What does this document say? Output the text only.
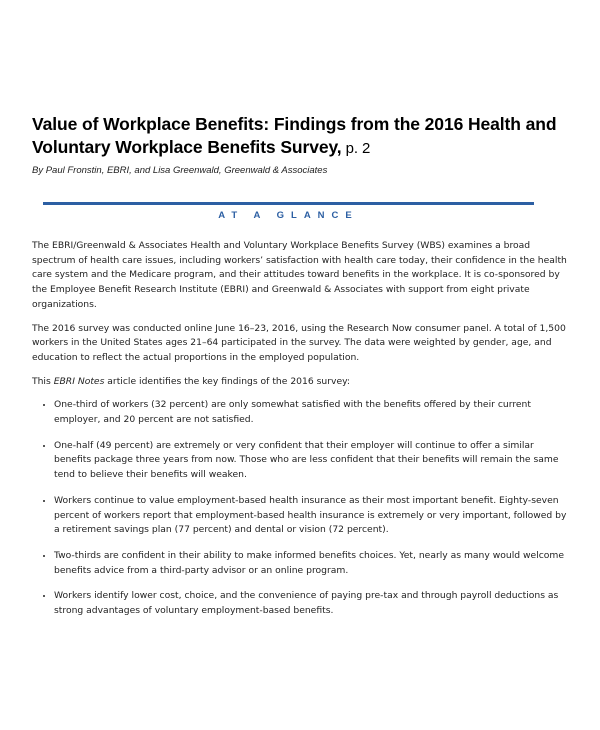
Value of Workplace Benefits: Findings from the 2016 Health and Voluntary Workplace Benefits Survey, p. 2
By Paul Fronstin, EBRI, and Lisa Greenwald, Greenwald & Associates
AT A GLANCE

The EBRI/Greenwald & Associates Health and Voluntary Workplace Benefits Survey (WBS) examines a broad spectrum of health care issues, including workers’ satisfaction with health care today, their confidence in the health care system and the Medicare program, and their attitudes toward benefits in the workplace. It is co-sponsored by the Employee Benefit Research Institute (EBRI) and Greenwald & Associates with support from eight private organizations.

The 2016 survey was conducted online June 16–23, 2016, using the Research Now consumer panel. A total of 1,500 workers in the United States ages 21–64 participated in the survey. The data were weighted by gender, age, and education to reflect the actual proportions in the employed population.

This EBRI Notes article identifies the key findings of the 2016 survey:

• One-third of workers (32 percent) are only somewhat satisfied with the benefits offered by their current employer, and 20 percent are not satisfied.
• One-half (49 percent) are extremely or very confident that their employer will continue to offer a similar benefits package three years from now. Those who are less confident that their benefits will remain the same tend to believe their benefits will weaken.
• Workers continue to value employment-based health insurance as their most important benefit. Eighty-seven percent of workers report that employment-based health insurance is extremely or very important, followed by a retirement savings plan (77 percent) and dental or vision (72 percent).
• Two-thirds are confident in their ability to make informed benefits choices. Yet, nearly as many would welcome benefits advice from a third-party advisor or an online program.
• Workers identify lower cost, choice, and the convenience of paying pre-tax and through payroll deductions as strong advantages of voluntary employment-based benefits.
